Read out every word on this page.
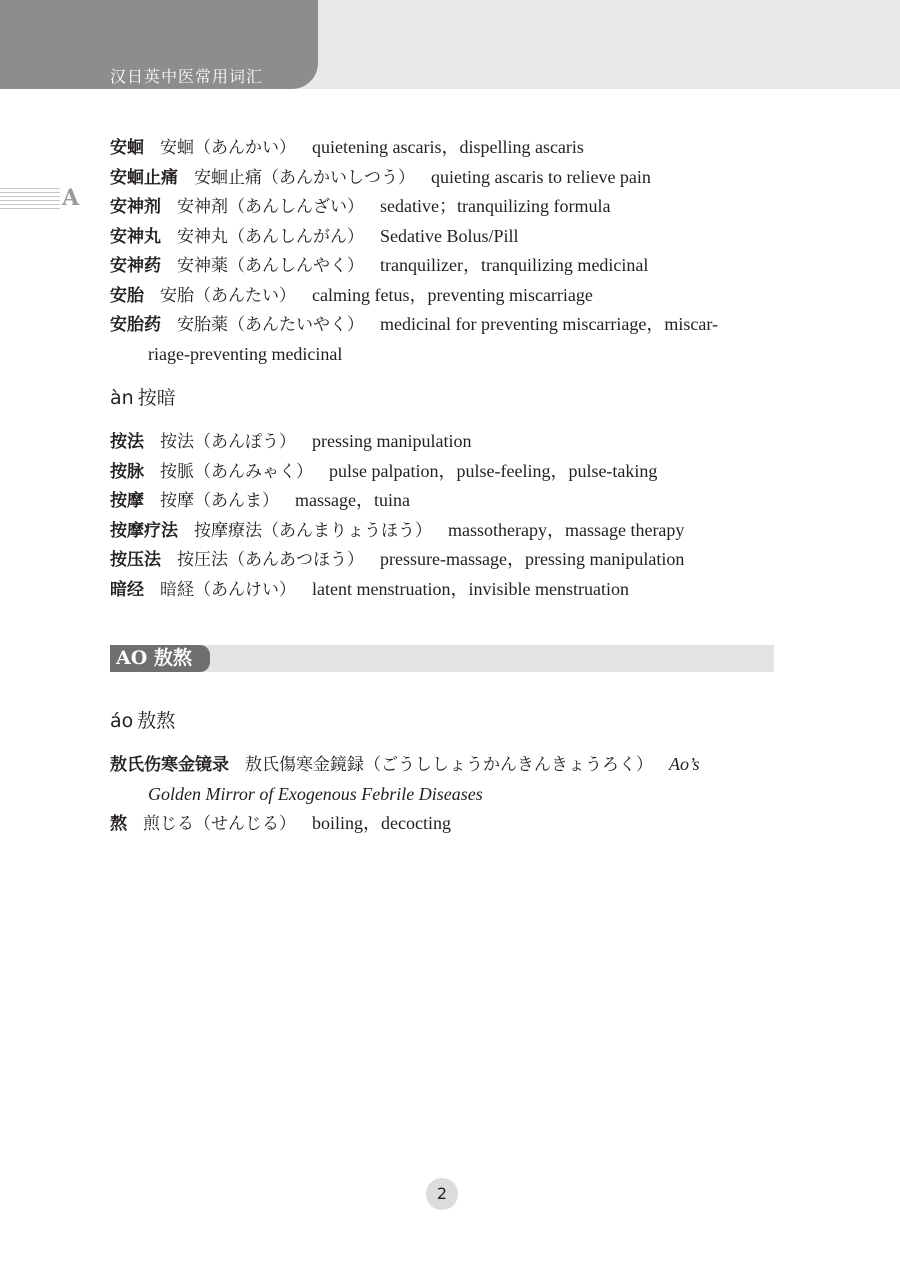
汉日英中医常用词汇
A
安蛔 安蛔（あんかい） quietening ascaris，dispelling ascaris
安蛔止痛 安蛔止痛（あんかいしつう） quieting ascaris to relieve pain
安神剂 安神剤（あんしんざい） sedative；tranquilizing formula
安神丸 安神丸（あんしんがん） Sedative Bolus/Pill
安神药 安神薬（あんしんやく） tranquilizer，tranquilizing medicinal
安胎 安胎（あんたい） calming fetus，preventing miscarriage
安胎药 安胎薬（あんたいやく） medicinal for preventing miscarriage，miscar-
riage-preventing medicinal
àn 按暗
按法 按法（あんぽう） pressing manipulation
按脉 按脈（あんみゃく） pulse palpation，pulse-feeling，pulse-taking
按摩 按摩（あんま） massage，tuina
按摩疗法 按摩療法（あんまりょうほう） massotherapy，massage therapy
按压法 按圧法（あんあつほう） pressure-massage，pressing manipulation
暗经 暗経（あんけい） latent menstruation，invisible menstruation
AO 敖熬
áo 敖熬
敖氏伤寒金镜录 敖氏傷寒金鏡録（ごうししょうかんきんきょうろく） Ao’s
Golden Mirror of Exogenous Febrile Diseases
熬 煎じる（せんじる） boiling，decocting
2
